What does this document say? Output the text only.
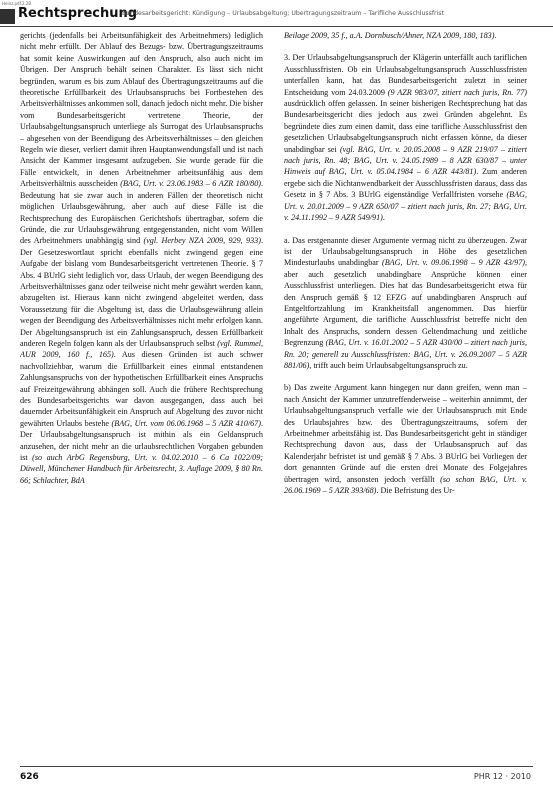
Heinz.pdf.2.2B
Rechtsprechung
Bundesarbeitsgericht: Kündigung – Urlaubsabgeltung; Übertragungszeitraum – Tarifliche Ausschlussfrist

gerichts (jedenfalls bei Arbeitsunfähigkeit des Arbeitnehmers) lediglich nicht mehr erfüllt. Der Ablauf des Bezugs- bzw. Übertragungszeitraums hat somit keine Auswirkungen auf den Anspruch, also auch nicht im Übrigen. Der Anspruch behält seinen Charakter. Es lässt sich nicht begründen, warum es bis zum Ablauf des Übertragungszeitraums auf die theoretische Erfüllbarkeit des Urlaubsanspruchs bei Fortbestehen des Arbeitsverhältnisses ankommen soll, danach jedoch nicht mehr. Die bisher vom Bundesarbeitsgericht vertretene Theorie, der Urlaubsabgeltungsanspruch unterliege als Surrogat des Urlaubsanspruchs – abgesehen von der Beendigung des Arbeitsverhältnisses – den gleichen Regeln wie dieser, verliert damit ihren Hauptanwendungsfall und ist nach Ansicht der Kammer insgesamt aufzugeben. Sie wurde gerade für die Fälle entwickelt, in denen Arbeitnehmer arbeitsunfähig aus dem Arbeitsverhältnis ausscheiden (BAG, Urt. v. 23.06.1983 – 6 AZR 180/80). Bedeutung hat sie zwar auch in anderen Fällen der theoretisch nicht möglichen Urlaubsgewährung, aber auch auf diese Fälle ist die Rechtsprechung des Europäischen Gerichtshofs übertragbar, sofern die Gründe, die zur Urlaubsgewährung entgegenstanden, nicht vom Willen des Arbeitnehmers unabhängig sind (vgl. Herbey NZA 2009, 929, 933). Der Gesetzeswortlaut spricht ebenfalls nicht zwingend gegen eine Aufgabe der bislang vom Bundesarbeitsgericht vertretenen Theorie. § 7 Abs. 4 BUrlG sieht lediglich vor, dass Urlaub, der wegen Beendigung des Arbeitsverhältnisses ganz oder teilweise nicht mehr gewährt werden kann, abzugelten ist. Hieraus kann nicht zwingend abgeleitet werden, dass Voraussetzung für die Abgeltung ist, dass die Urlaubsgewährung allein wegen der Beendigung des Arbeitsverhältnisses nicht mehr erfolgen kann. Der Abgeltungsanspruch ist ein Zahlungsanspruch, dessen Erfüllbarkeit anderen Regeln folgen kann als der Urlaubsanspruch selbst (vgl. Rummel, AUR 2009, 160 f., 165). Aus diesen Gründen ist auch schwer nachvollziehbar, warum die Erfüllbarkeit eines einmal entstandenen Zahlungsanspruchs von der hypothetischen Erfüllbarkeit eines Anspruchs auf Freizeitgewährung abhängen soll. Auch die frühere Rechtsprechung des Bundesarbeitsgerichts war davon ausgegangen, dass auch bei dauernder Arbeitsunfähigkeit ein Anspruch auf Abgeltung des zuvor nicht gewährten Urlaubs bestehe (BAG, Urt. vom 06.06.1968 – 5 AZR 410/67). Der Urlaubsabgeltungsanspruch ist mithin als ein Geldanspruch anzusehen, der nicht mehr an die urlaubsrechtlichen Vorgaben gebunden ist (so auch ArbG Regensburg, Urt. v. 04.02.2010 – 6 Ca 1022/09; Düwell, Münchener Handbuch für Arbeitsrecht, 3. Auflage 2009, § 80 Rn. 66; Schlachter, BdA

Beilage 2009, 35 f., a.A. Dornbusch/Ahner, NZA 2009, 180, 183).

3. Der Urlaubsabgeltungsanspruch der Klägerin unterfällt auch tariflichen Ausschlussfristen. Ob ein Urlaubsabgeltungsanspruch Ausschlussfristen unterfallen kann, hat das Bundesarbeitsgericht zuletzt in seiner Entscheidung vom 24.03.2009 (9 AZR 983/07, zitiert nach juris, Rn. 77) ausdrücklich offen gelassen. In seiner bisherigen Rechtsprechung hat das Bundesarbeitsgericht dies jedoch aus zwei Gründen abgelehnt. Es begründete dies zum einen damit, dass eine tarifliche Ausschlussfrist den gesetzlichen Urlaubsabgeltungsanspruch nicht erfassen könne, da dieser unabdingbar sei (vgl. BAG, Urt. v. 20.05.2008 – 9 AZR 219/07 – zitiert nach juris, Rn. 48; BAG, Urt. v. 24.05.1989 – 8 AZR 630/87 – unter Hinweis auf BAG, Urt. v. 05.04.1984 – 6 AZR 443/81). Zum anderen ergebe sich die Nichtanwendbarkeit der Ausschlussfristen daraus, dass das Gesetz in § 7 Abs. 3 BUrlG eigenständige Verfallfristen vorsehe (BAG, Urt. v. 20.01.2009 – 9 AZR 650/07 – zitiert nach juris, Rn. 27; BAG, Urt. v. 24.11.1992 – 9 AZR 549/91).

a. Das erstgenannte dieser Argumente vermag nicht zu überzeugen. Zwar ist der Urlaubsabgeltungsanspruch in Höhe des gesetzlichen Mindesturlaubs unabdingbar (BAG, Urt. v. 09.06.1998 – 9 AZR 43/97), aber auch gesetzlich unabdingbare Ansprüche können einer Ausschlussfrist unterliegen. Dies hat das Bundesarbeitsgericht etwa für den Anspruch gemäß § 12 EFZG auf unabdingbaren Anspruch auf Entgeltfortzahlung im Krankheitsfall angenommen. Das hierfür angeführte Argument, die tarifliche Ausschlussfrist betreffe nicht den Inhalt des Anspruchs, sondern dessen Geltendmachung und zeitliche Begrenzung (BAG, Urt. v. 16.01.2002 – 5 AZR 430/00 – zitiert nach juris, Rn. 20; generell zu Ausschlussfristen: BAG, Urt. v. 26.09.2007 – 5 AZR 881/06), trifft auch beim Urlaubsabgeltungsanspruch zu.

b) Das zweite Argument kann hingegen nur dann greifen, wenn man – nach Ansicht der Kammer unzutreffenderweise – weiterhin annimmt, der Urlaubsabgeltungsanspruch verfalle wie der Urlaubsanspruch mit Ende des Urlaubsjahres bzw. des Übertragungszeitraums, sofern der Arbeitnehmer arbeitsfähig ist. Das Bundesarbeitsgericht geht in ständiger Rechtsprechung davon aus, dass der Urlaubsanspruch auf das Kalenderjahr befristet ist und gemäß § 7 Abs. 3 BUrlG bei Vorliegen der dort genannten Gründe auf die ersten drei Monate des Folgejahres übertragen wird, ansonsten jedoch verfällt (so schon BAG, Urt. v. 26.06.1969 – 5 AZR 393/68). Die Befristung des Ur-

626	PHR 12 · 2010
